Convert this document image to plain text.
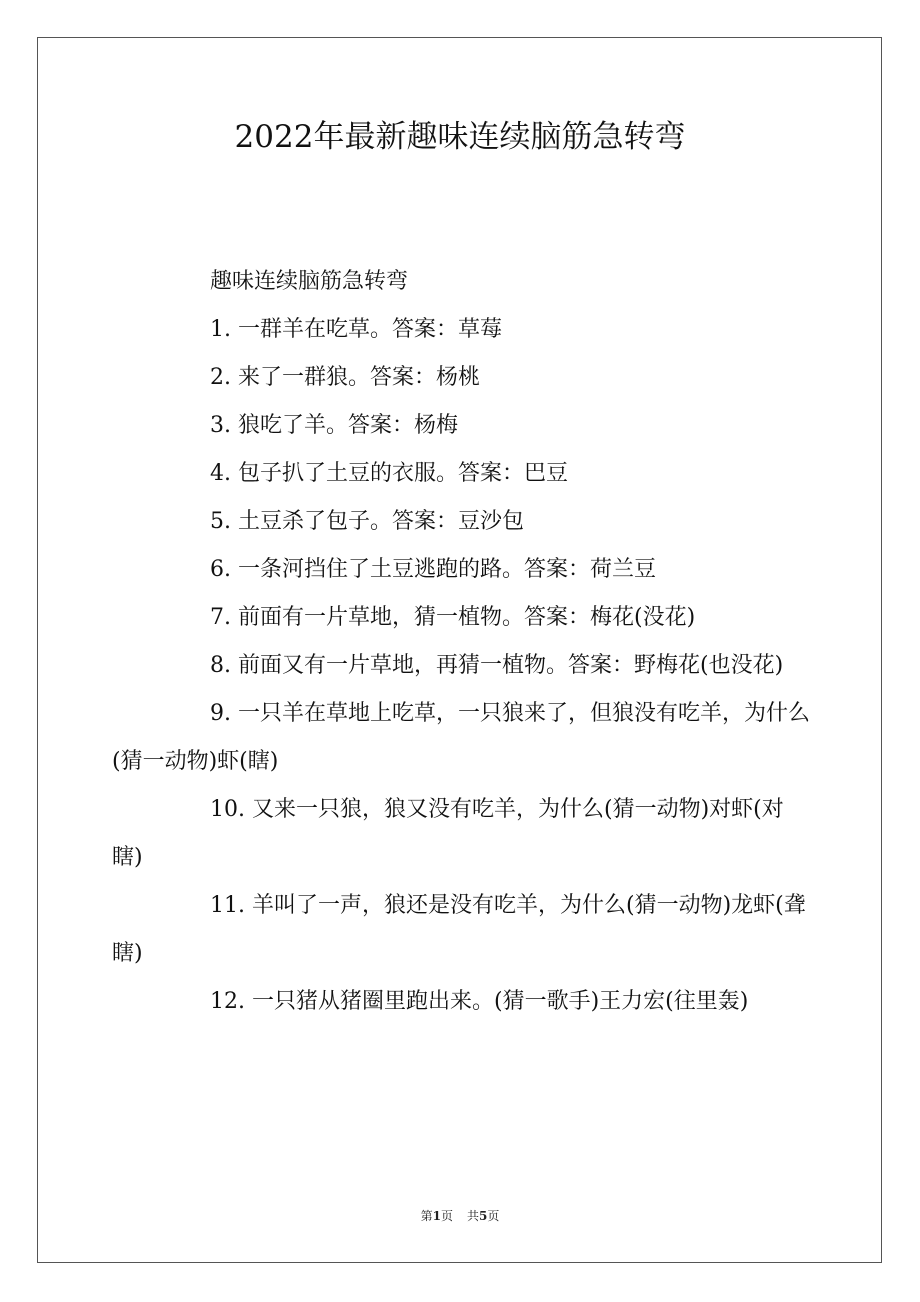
2022年最新趣味连续脑筋急转弯
趣味连续脑筋急转弯
1. 一群羊在吃草。答案：草莓
2. 来了一群狼。答案：杨桃
3. 狼吃了羊。答案：杨梅
4. 包子扒了土豆的衣服。答案：巴豆
5. 土豆杀了包子。答案：豆沙包
6. 一条河挡住了土豆逃跑的路。答案：荷兰豆
7. 前面有一片草地，猜一植物。答案：梅花(没花)
8. 前面又有一片草地，再猜一植物。答案：野梅花(也没花)
9. 一只羊在草地上吃草，一只狼来了，但狼没有吃羊，为什么(猜一动物)虾(瞎)
10. 又来一只狼，狼又没有吃羊，为什么(猜一动物)对虾(对瞎)
11. 羊叫了一声，狼还是没有吃羊，为什么(猜一动物)龙虾(聋瞎)
12. 一只猪从猪圈里跑出来。(猜一歌手)王力宏(往里轰)
第1页 共5页
